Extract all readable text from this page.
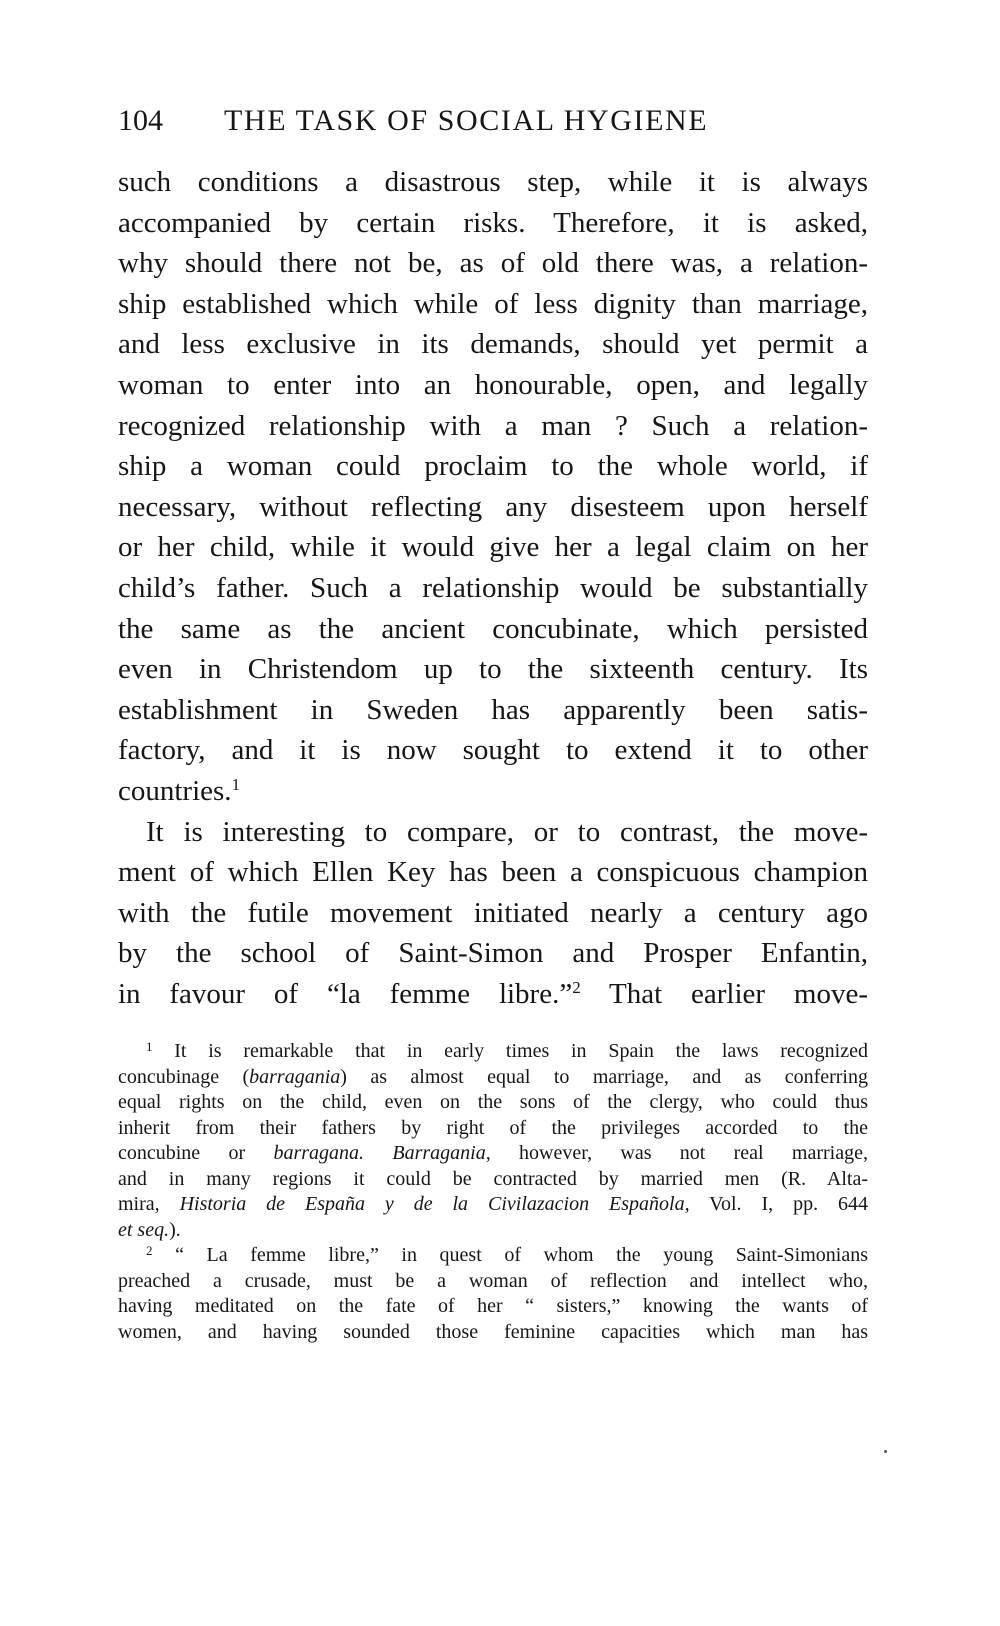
104	THE TASK OF SOCIAL HYGIENE
such conditions a disastrous step, while it is always
accompanied by certain risks. Therefore, it is asked,
why should there not be, as of old there was, a relation-
ship established which while of less dignity than marriage,
and less exclusive in its demands, should yet permit a
woman to enter into an honourable, open, and legally
recognized relationship with a man ? Such a relation-
ship a woman could proclaim to the whole world, if
necessary, without reflecting any disesteem upon herself
or her child, while it would give her a legal claim on her
child’s father. Such a relationship would be substantially
the same as the ancient concubinate, which persisted
even in Christendom up to the sixteenth century. Its
establishment in Sweden has apparently been satis-
factory, and it is now sought to extend it to other
countries.$^1$
It is interesting to compare, or to contrast, the move-
ment of which Ellen Key has been a conspicuous champion
with the futile movement initiated nearly a century ago
by the school of Saint-Simon and Prosper Enfantin,
in favour of “la femme libre.”$^2$ That earlier move-
$^1$ It is remarkable that in early times in Spain the laws recognized
concubinage (barragania) as almost equal to marriage, and as conferring
equal rights on the child, even on the sons of the clergy, who could thus
inherit from their fathers by right of the privileges accorded to the
concubine or barragana. Barragania, however, was not real marriage,
and in many regions it could be contracted by married men (R. Alta-
mira, Historia de España y de la Civilazacion Española, Vol. I, pp. 644
et seq.).
$^2$ “ La femme libre,” in quest of whom the young Saint-Simonians
preached a crusade, must be a woman of reflection and intellect who,
having meditated on the fate of her “ sisters,” knowing the wants of
women, and having sounded those feminine capacities which man has
